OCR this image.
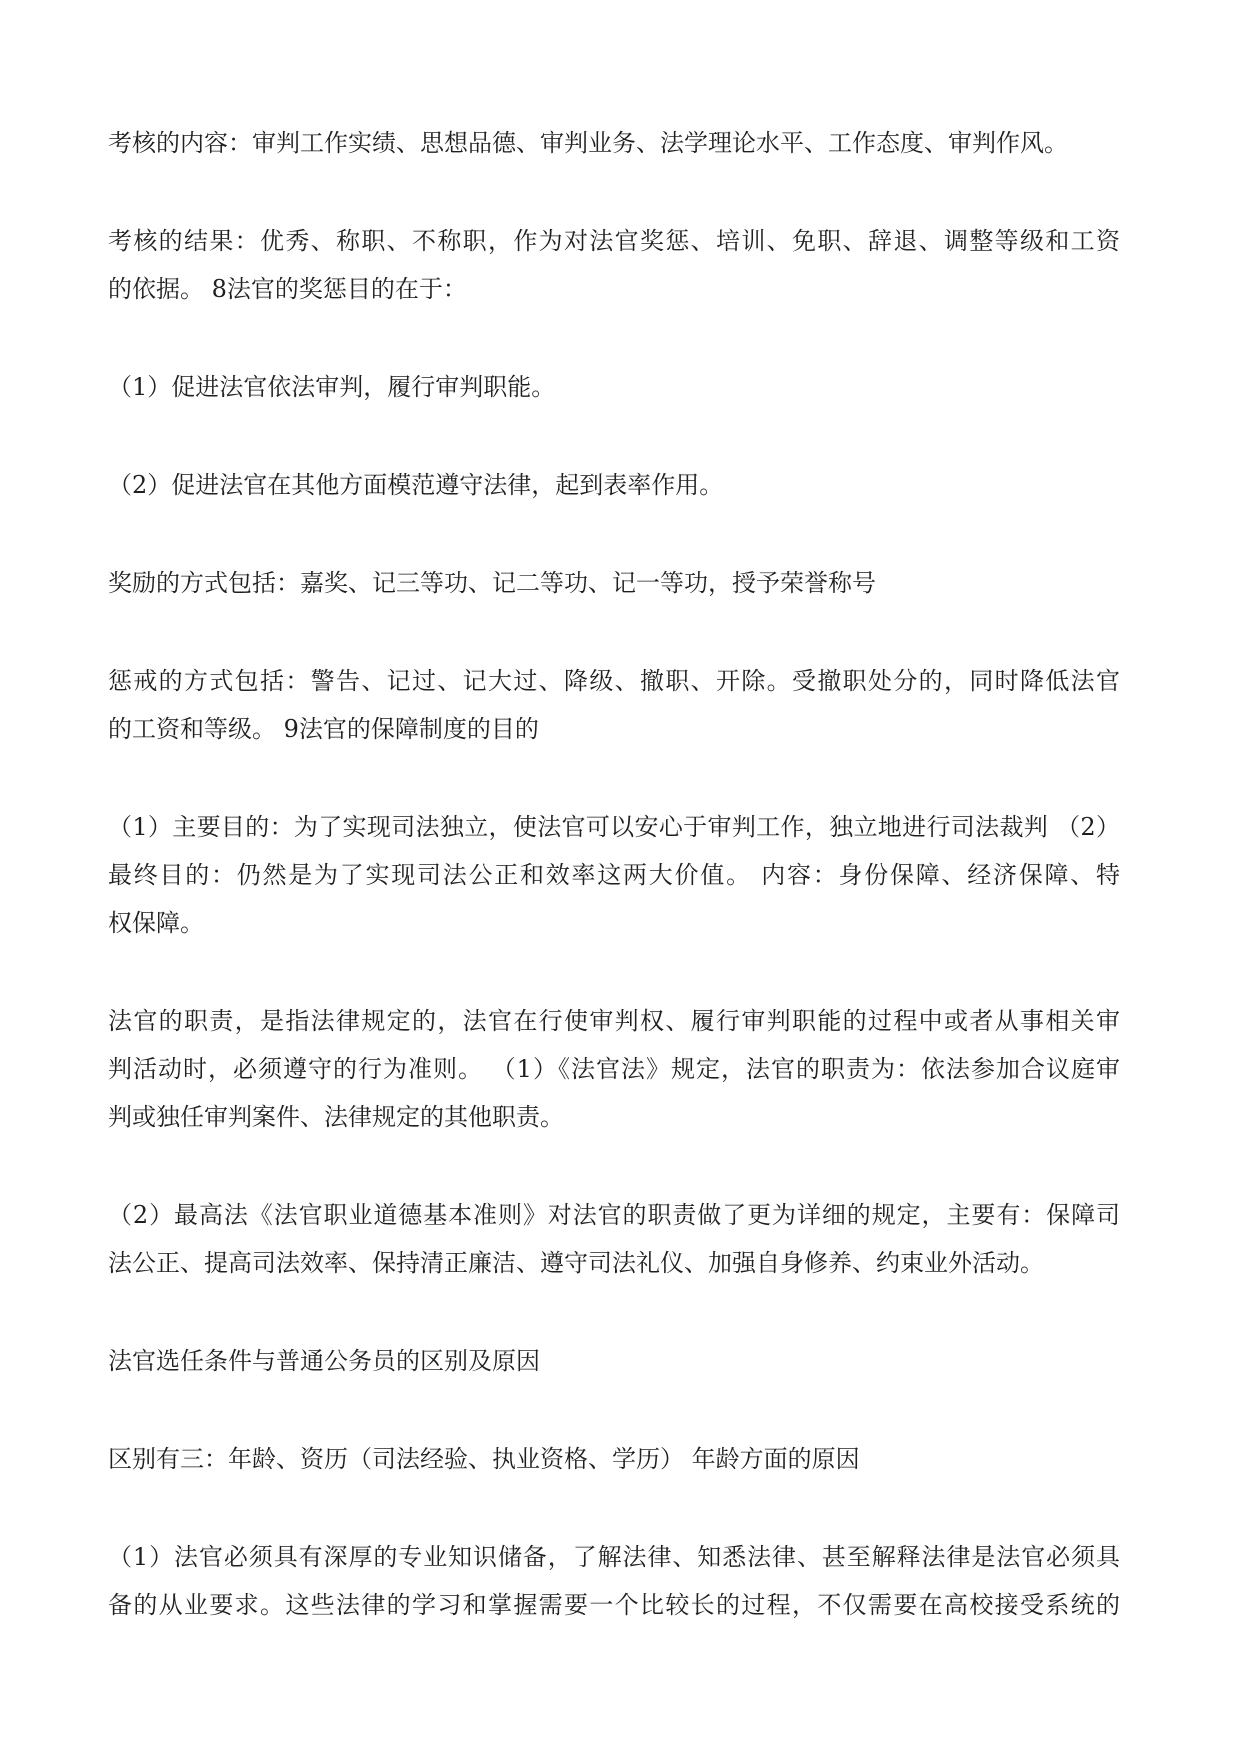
考核的内容：审判工作实绩、思想品德、审判业务、法学理论水平、工作态度、审判作风。

考核的结果：优秀、称职、不称职，作为对法官奖惩、培训、免职、辞退、调整等级和工资
的依据。 8法官的奖惩目的在于：

（1）促进法官依法审判，履行审判职能。

（2）促进法官在其他方面模范遵守法律，起到表率作用。

奖励的方式包括：嘉奖、记三等功、记二等功、记一等功，授予荣誉称号

惩戒的方式包括：警告、记过、记大过、降级、撤职、开除。受撤职处分的，同时降低法官
的工资和等级。 9法官的保障制度的目的

（1）主要目的：为了实现司法独立，使法官可以安心于审判工作，独立地进行司法裁判 （2）
最终目的：仍然是为了实现司法公正和效率这两大价值。 内容：身份保障、经济保障、特
权保障。

法官的职责，是指法律规定的，法官在行使审判权、履行审判职能的过程中或者从事相关审
判活动时，必须遵守的行为准则。 （1）《法官法》规定，法官的职责为：依法参加合议庭审
判或独任审判案件、法律规定的其他职责。

（2）最高法《法官职业道德基本准则》对法官的职责做了更为详细的规定，主要有：保障司
法公正、提高司法效率、保持清正廉洁、遵守司法礼仪、加强自身修养、约束业外活动。

法官选任条件与普通公务员的区别及原因

区别有三：年龄、资历（司法经验、执业资格、学历） 年龄方面的原因

（1）法官必须具有深厚的专业知识储备，了解法律、知悉法律、甚至解释法律是法官必须具
备的从业要求。这些法律的学习和掌握需要一个比较长的过程，不仅需要在高校接受系统的
